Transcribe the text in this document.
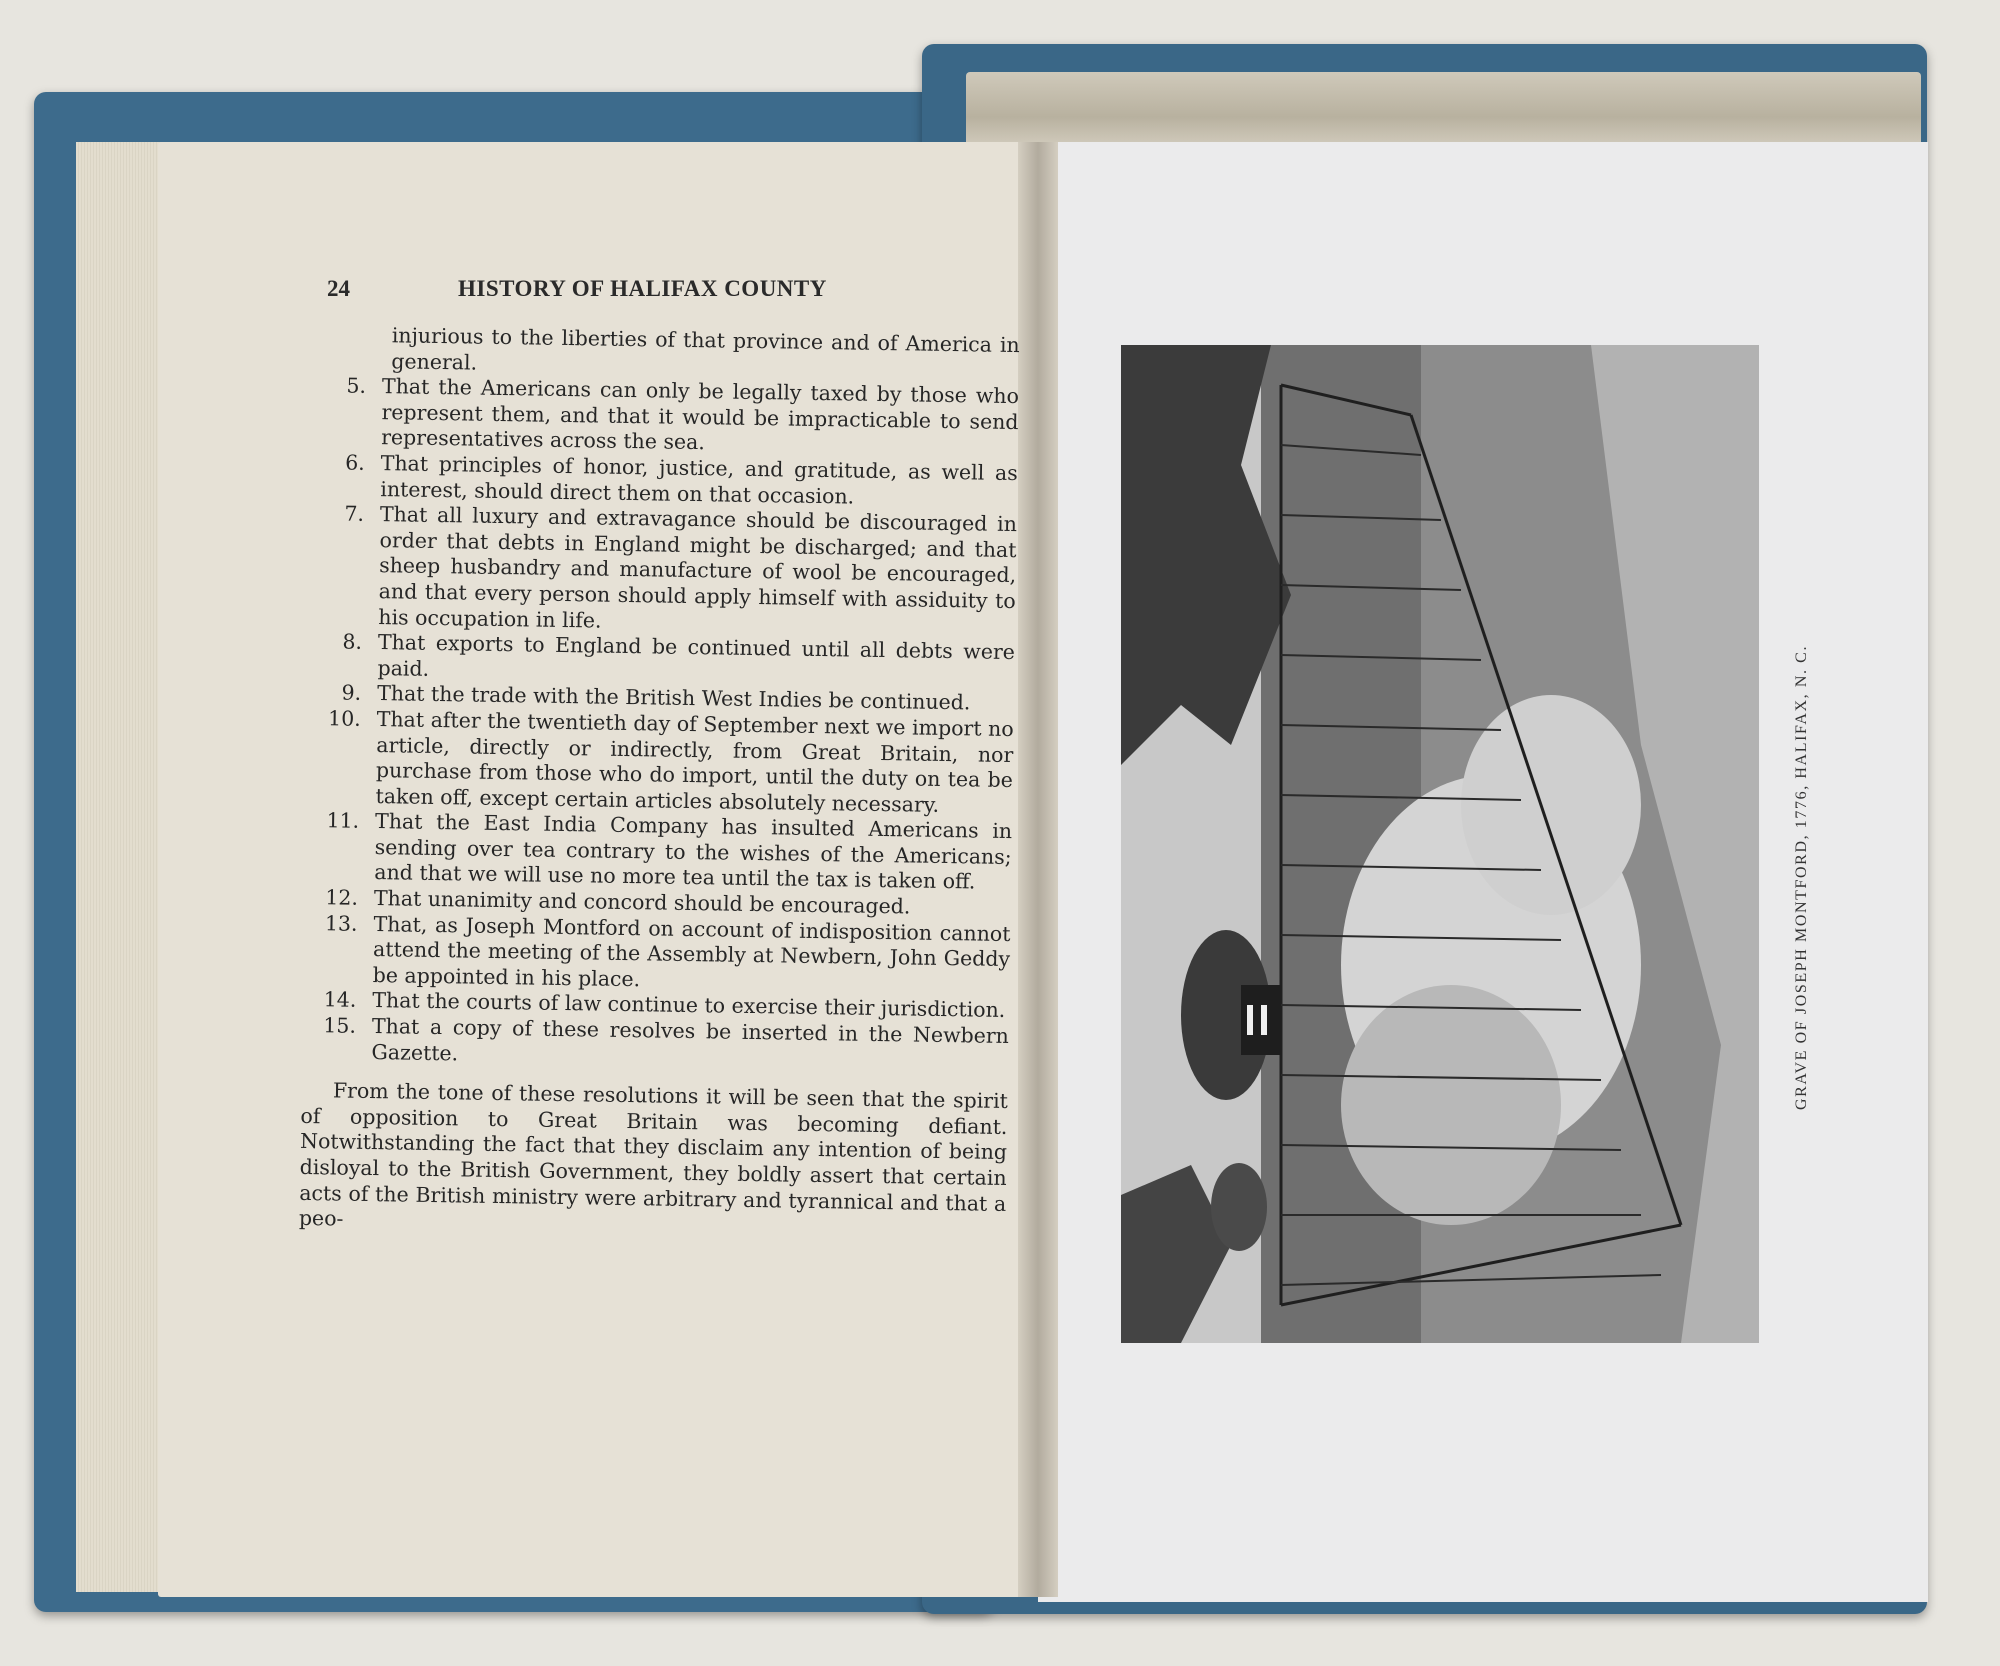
24	HISTORY OF HALIFAX COUNTY
injurious to the liberties of that province and of America in general.
5. That the Americans can only be legally taxed by those who represent them, and that it would be impracticable to send representatives across the sea.
6. That principles of honor, justice, and gratitude, as well as interest, should direct them on that occasion.
7. That all luxury and extravagance should be discouraged in order that debts in England might be discharged; and that sheep husbandry and manufacture of wool be encouraged, and that every person should apply himself with assiduity to his occupation in life.
8. That exports to England be continued until all debts were paid.
9. That the trade with the British West Indies be continued.
10. That after the twentieth day of September next we import no article, directly or indirectly, from Great Britain, nor purchase from those who do import, until the duty on tea be taken off, except certain articles absolutely necessary.
11. That the East India Company has insulted Americans in sending over tea contrary to the wishes of the Americans; and that we will use no more tea until the tax is taken off.
12. That unanimity and concord should be encouraged.
13. That, as Joseph Montford on account of indisposition cannot attend the meeting of the Assembly at Newbern, John Geddy be appointed in his place.
14. That the courts of law continue to exercise their jurisdiction.
15. That a copy of these resolves be inserted in the Newbern Gazette.
From the tone of these resolutions it will be seen that the spirit of opposition to Great Britain was becoming defiant. Notwithstanding the fact that they disclaim any intention of being disloyal to the British Government, they boldly assert that certain acts of the British ministry were arbitrary and tyrannical and that a peo-
GRAVE OF JOSEPH MONTFORD, 1776, HALIFAX, N. C.
